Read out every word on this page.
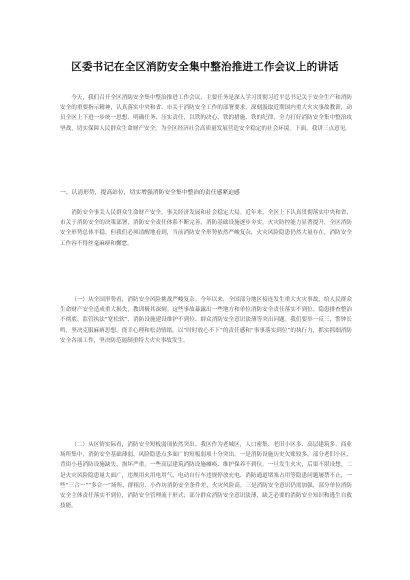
区委书记在全区消防安全集中整治推进工作会议上的讲话

今天，我们召开全区消防安全集中整治推进工作会议，主要任务是深入学习贯彻习近平总书记关于安全生产和消防安全的重要指示精神，认真落实中央和省、市关于消防安全工作的部署要求，深刻汲取近期国内重大火灾事故教训，动员全区上下进一步统一思想、明确任务、压实责任，以铁的决心、铁的措施、铁的纪律，全力打好消防安全集中整治攻坚战，切实保障人民群众生命财产安全，为全区经济社会高质量发展营造安全稳定的社会环境。下面，我讲三点意见。

一、认清形势，提高站位，切实增强消防安全集中整治的责任感紧迫感

消防安全事关人民群众生命财产安全，事关经济发展和社会稳定大局。近年来，全区上下认真贯彻落实中央和省、市关于消防安全的决策部署，消防安全责任体系不断完善，消防基础设施逐步夯实，火灾防控能力显著提升，全区消防安全形势总体平稳。但我们必须清醒地看到，当前消防安全形势依然严峻复杂，火灾风险隐患仍然大量存在，消防安全工作容不得丝毫麻痹和懈怠。

（一）从全国形势看，消防安全风险挑战严峻复杂。今年以来，全国部分地区接连发生重大火灾事故，给人民群众生命财产安全造成重大损失，教训极其深刻。这些事故暴露出一些地方和单位消防安全责任落实不到位、隐患排查整治不彻底、监管执法“宽松软”、消防设施建设维护不到位、群众消防安全意识淡薄等突出问题。我们要举一反三，警钟长鸣，坚决克服麻痹思想、侥幸心理和松劲情绪，以“时时放心不下”的责任感和“事事落实到位”的执行力，抓实抓细消防安全各项工作，坚决防范遏制重特大火灾事故发生。

（二）从区情实际看，消防安全短板弱项依然突出。我区作为老城区，人口密集、老旧小区多、高层建筑多、商业场所集中，消防安全基础薄弱、风险隐患点多面广的短板弱项十分突出。一是消防设施历史欠账较多，部分老旧小区、背街小巷消防设施缺失、损坏严重，一些高层建筑消防设施瘫痪、维护保养不到位，一旦发生火灾，后果不堪设想。二是火灾风险隐患量大面广，违规用火用电用气、电动自行车违规停放充电、消防通道堵塞占用等隐患问题屡禁不止，一些“三合一”“多合一”场所、群租房、小作坊消防安全条件差、火灾风险高。三是消防安全意识仍需加强，部分单位消防安全主体责任落实不到位，消防安全管理流于形式；部分群众消防安全意识淡薄，缺乏必要的消防安全知识和逃生自救技能。
